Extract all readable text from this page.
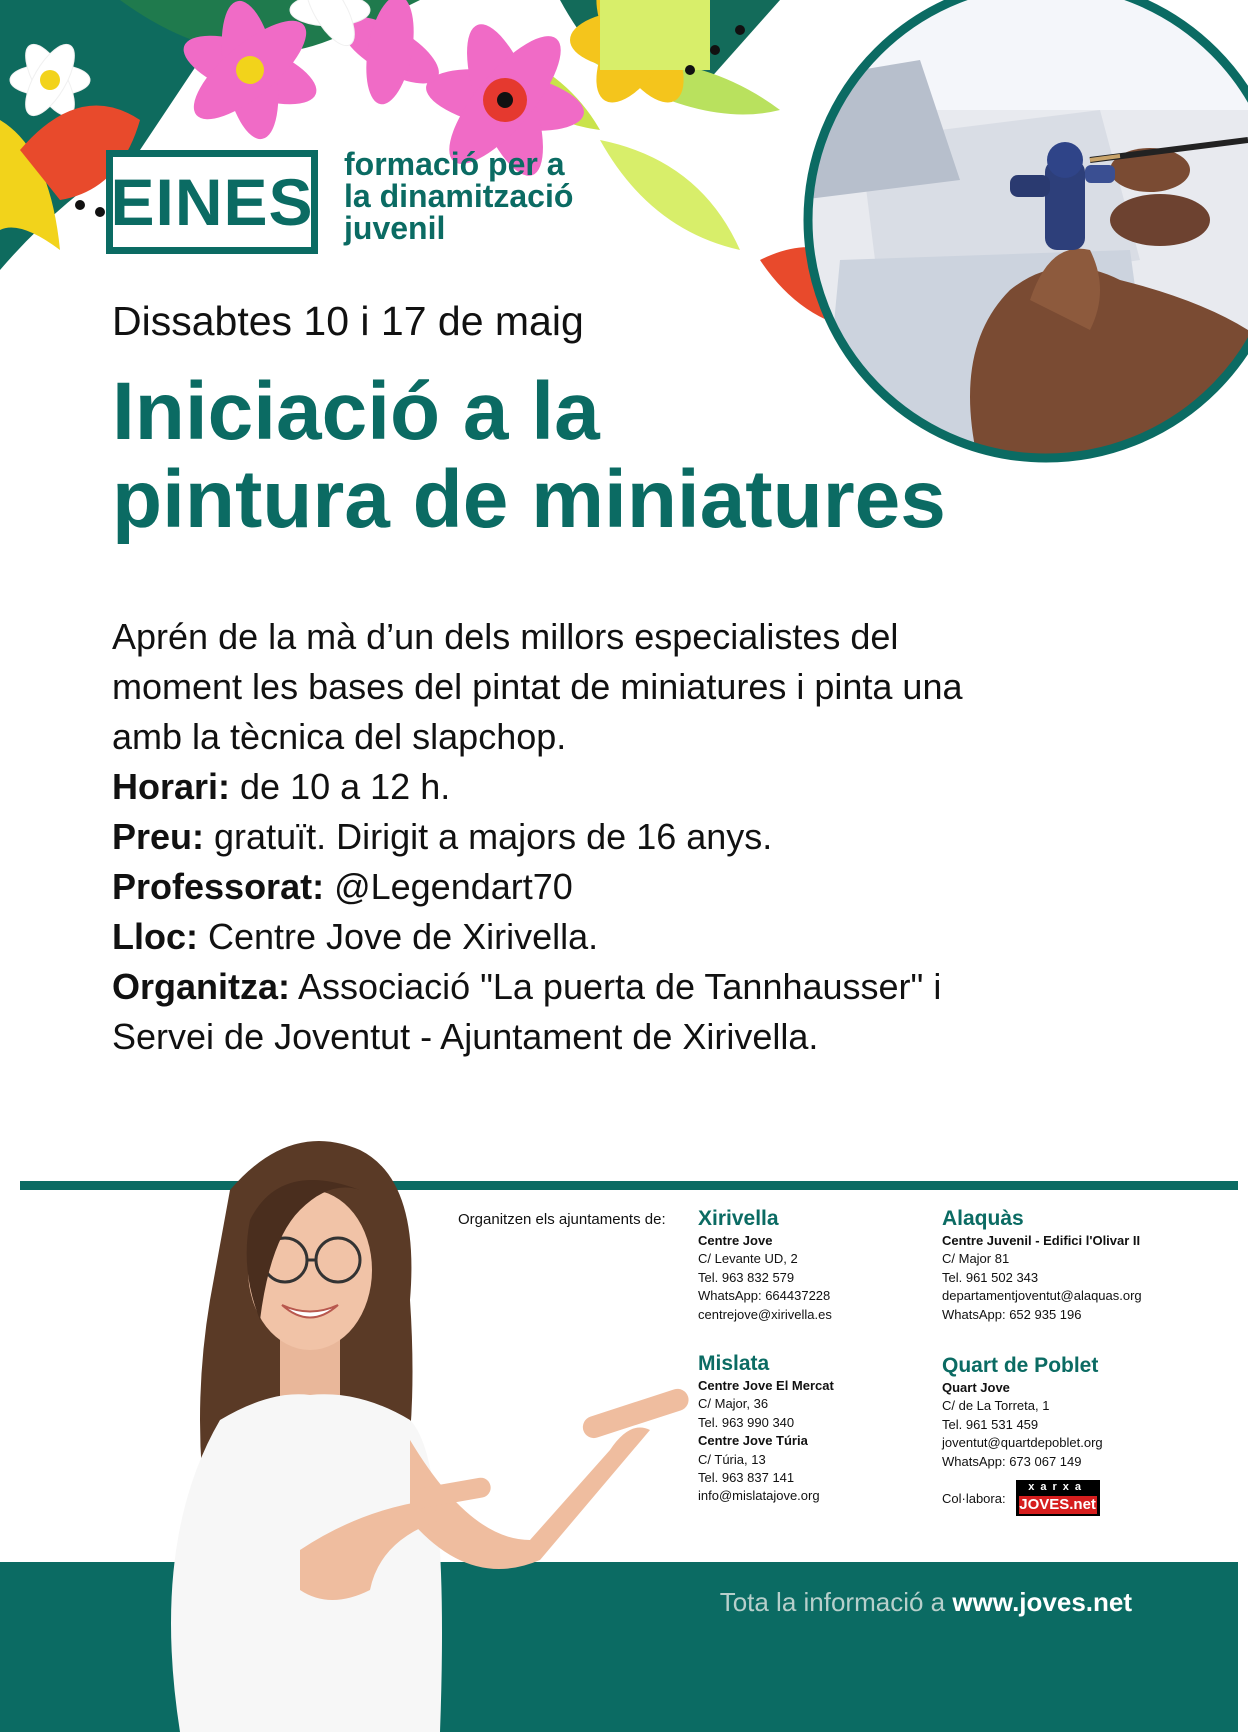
EINES
formació per a
la dinamització
juvenil
Dissabtes 10 i 17 de maig
Iniciació a la
pintura de miniatures
Aprén de la mà d’un dels millors especialistes del
moment les bases del pintat de miniatures i pinta una
amb la tècnica del slapchop.
Horari: de 10 a 12 h.
Preu: gratuït. Dirigit a majors de 16 anys.
Professorat: @Legendart70
Lloc: Centre Jove de Xirivella.
Organitza: Associació "La puerta de Tannhausser" i
Servei de Joventut - Ajuntament de Xirivella.
Organitzen els ajuntaments de: Xirivella
Centre Jove
C/ Levante UD, 2
Tel. 963 832 579
WhatsApp: 664437228
centrejove@xirivella.es
Alaquàs
Centre Juvenil - Edifici l'Olivar II
C/ Major 81
Tel. 961 502 343
departamentjoventut@alaquas.org
WhatsApp: 652 935 196
Mislata
Centre Jove El Mercat
C/ Major, 36
Tel. 963 990 340
Centre Jove Túria
C/ Túria, 13
Tel. 963 837 141
info@mislatajove.org
Quart de Poblet
Quart Jove
C/ de La Torreta, 1
Tel. 961 531 459
joventut@quartdepoblet.org
WhatsApp: 673 067 149
Col·labora:
xarxa
JOVES.net
Tota la informació a www.joves.net
